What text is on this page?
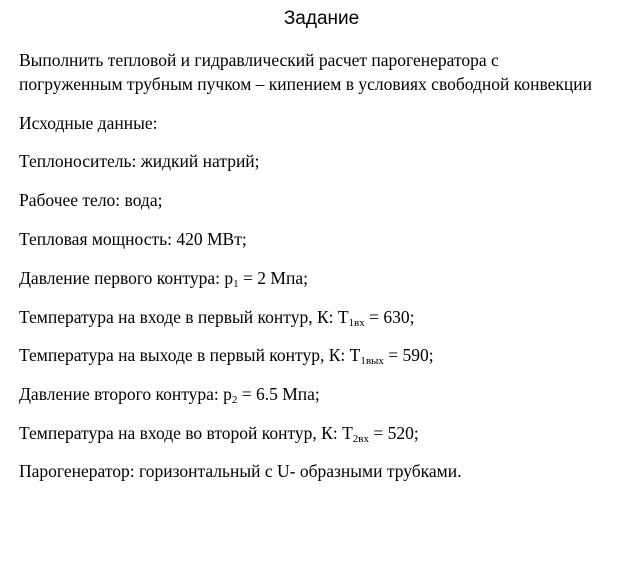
Задание
Выполнить тепловой и гидравлический расчет парогенератора с
погруженным трубным пучком – кипением в условиях свободной конвекции
Исходные данные:
Теплоноситель: жидкий натрий;
Рабочее тело: вода;
Тепловая мощность: 420 МВт;
Давление первого контура: $p_1 = 2$ Мпа;
Температура на входе в первый контур, К: $T_{1вх} = 630$;
Температура на выходе в первый контур, К: $T_{1вых} = 590$;
Давление второго контура: $p_2 = 6.5$ Мпа;
Температура на входе во второй контур, К: $T_{2вх} = 520$;
Парогенератор: горизонтальный с U- образными трубками.
